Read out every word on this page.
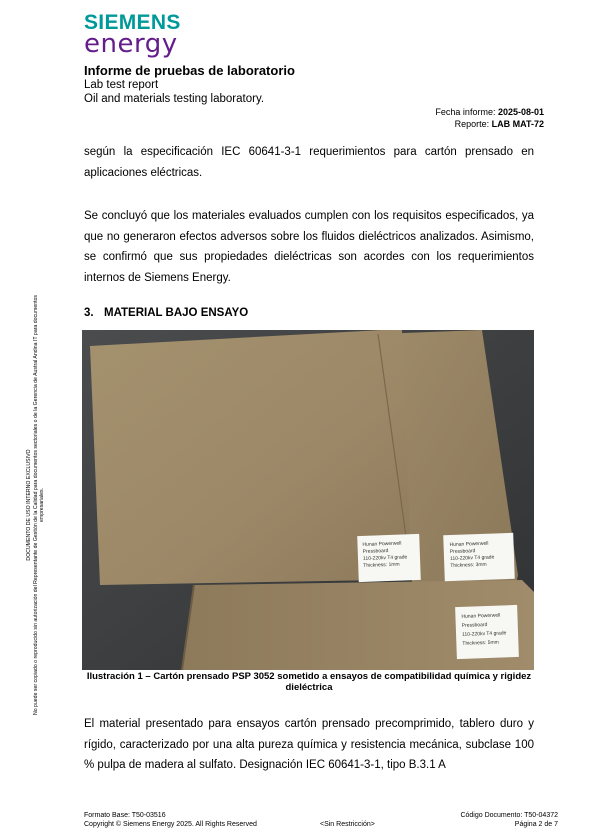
SIEMENS
energy
Informe de pruebas de laboratorio
Lab test report
Oil and materials testing laboratory.
Fecha informe: 2025-08-01
Reporte: LAB MAT-72

según la especificación IEC 60641-3-1 requerimientos para cartón prensado en aplicaciones eléctricas.

Se concluyó que los materiales evaluados cumplen con los requisitos especificados, ya que no generaron efectos adversos sobre los fluidos dieléctricos analizados. Asimismo, se confirmó que sus propiedades dieléctricas son acordes con los requerimientos internos de Siemens Energy.

3. MATERIAL BAJO ENSAYO
Hunan Powerwell Pressboard 110-220kv T4 grade Thickness: 1mm
Hunan Powerwell Pressboard 110-220kv T4 grade Thickness: 3mm
Hunan Powerwell Pressboard 110-220kv T4 grade Thickness: 5mm
Ilustración 1 – Cartón prensado PSP 3052 sometido a ensayos de compatibilidad química y rigidez dieléctrica

El material presentado para ensayos cartón prensado precomprimido, tablero duro y rígido, caracterizado por una alta pureza química y resistencia mecánica, subclase 100 % pulpa de madera al sulfato. Designación IEC 60641-3-1, tipo B.3.1 A

DOCUMENTO DE USO INTERNO EXCLUSIVO No puede ser copiado o reproducido sin autorización del Representante de Gestión de la Calidad para documentos sectoriales o de la Gerencia de Austral Andina IT para documentos empresariales.
Formato Base: T50-03516
Copyright © Siemens Energy 2025. All Rights Reserved	<Sin Restricción>
Código Documento: T50-04372
Página 2 de 7
